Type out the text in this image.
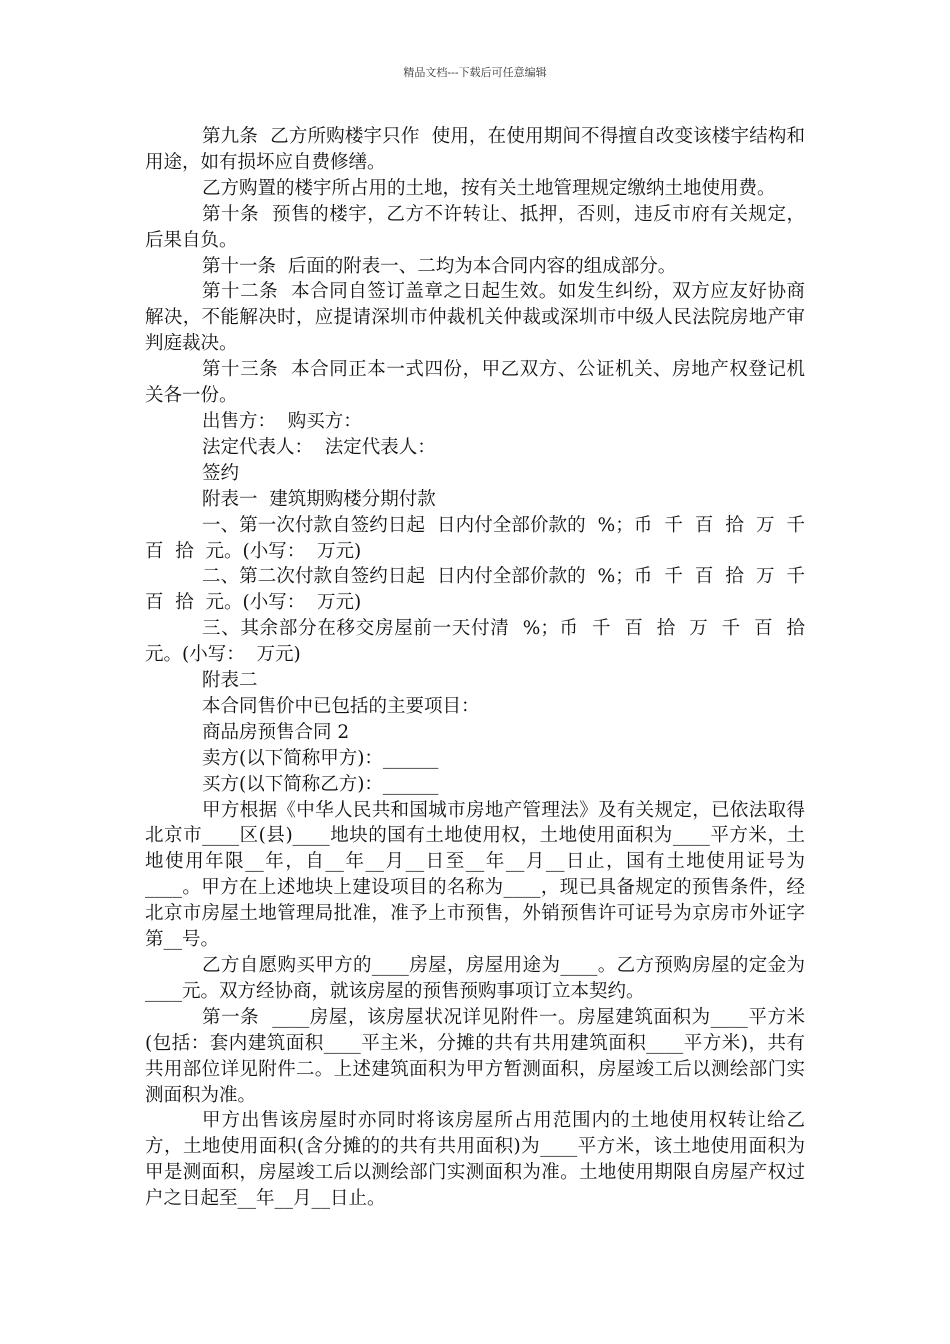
精品文档---下载后可任意编辑

第九条  乙方所购楼宇只作  使用，在使用期间不得擅自改变该楼宇结构和用途，如有损坏应自费修缮。

乙方购置的楼宇所占用的土地，按有关土地管理规定缴纳土地使用费。

第十条  预售的楼宇，乙方不许转让、抵押，否则，违反市府有关规定，后果自负。

第十一条  后面的附表一、二均为本合同内容的组成部分。

第十二条  本合同自签订盖章之日起生效。如发生纠纷，双方应友好协商解决，不能解决时，应提请深圳市仲裁机关仲裁或深圳市中级人民法院房地产审判庭裁决。

第十三条  本合同正本一式四份，甲乙双方、公证机关、房地产权登记机关各一份。

出售方：  购买方：

法定代表人：  法定代表人：

签约

附表一  建筑期购楼分期付款

一、第一次付款自签约日起  日内付全部价款的  %；币  千  百  拾  万  千  百  拾  元。(小写：  万元)

二、第二次付款自签约日起  日内付全部价款的  %；币  千  百  拾  万  千  百  拾  元。(小写：  万元)

三、其余部分在移交房屋前一天付清  %；币  千  百  拾  万  千  百  拾  元。(小写：  万元)

附表二

本合同售价中已包括的主要项目：

商品房预售合同 2

卖方(以下简称甲方)：______

买方(以下简称乙方)：______

甲方根据《中华人民共和国城市房地产管理法》及有关规定，已依法取得北京市____区(县)____地块的国有土地使用权，土地使用面积为____平方米，土地使用年限__年，自__年__月__日至__年__月__日止，国有土地使用证号为____。甲方在上述地块上建设项目的名称为____，现已具备规定的预售条件，经北京市房屋土地管理局批准，准予上市预售，外销预售许可证号为京房市外证字第__号。

乙方自愿购买甲方的____房屋，房屋用途为____。乙方预购房屋的定金为____元。双方经协商，就该房屋的预售预购事项订立本契约。

第一条  ____房屋，该房屋状况详见附件一。房屋建筑面积为____平方米(包括：套内建筑面积____平主米，分摊的共有共用建筑面积____平方米)，共有共用部位详见附件二。上述建筑面积为甲方暂测面积，房屋竣工后以测绘部门实测面积为准。

甲方出售该房屋时亦同时将该房屋所占用范围内的土地使用权转让给乙方，土地使用面积(含分摊的的共有共用面积)为____平方米，该土地使用面积为甲是测面积，房屋竣工后以测绘部门实测面积为准。土地使用期限自房屋产权过户之日起至__年__月__日止。
